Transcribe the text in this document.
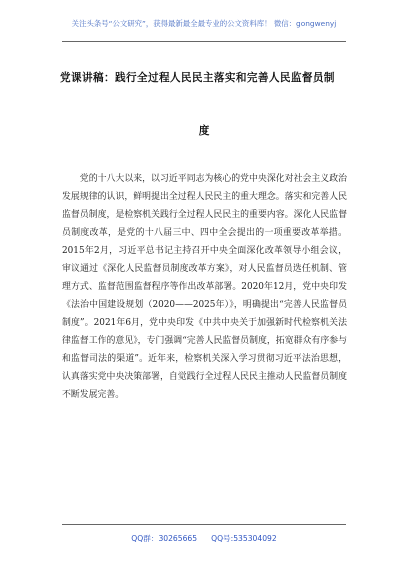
关注头条号“公文研究”，获得最新最全最专业的公文资料库！ 微信：gongwenyj
党课讲稿：践行全过程人民民主落实和完善人民监督员制
度
党的十八大以来，以习近平同志为核心的党中央深化对社会主义政治发展规律的认识，鲜明提出全过程人民民主的重大理念。落实和完善人民监督员制度，是检察机关践行全过程人民民主的重要内容。深化人民监督员制度改革，是党的十八届三中、四中全会提出的一项重要改革举措。2015年2月，习近平总书记主持召开中央全面深化改革领导小组会议，审议通过《深化人民监督员制度改革方案》，对人民监督员选任机制、管理方式、监督范围监督程序等作出改革部署。2020年12月，党中央印发《法治中国建设规划（2020——2025年）》，明确提出“完善人民监督员制度”。2021年6月，党中央印发《中共中央关于加强新时代检察机关法律监督工作的意见》，专门强调“完善人民监督员制度，拓宽群众有序参与和监督司法的渠道”。近年来，检察机关深入学习贯彻习近平法治思想，认真落实党中央决策部署，自觉践行全过程人民民主推动人民监督员制度不断发展完善。
QQ群：30265665 QQ号:535304092
